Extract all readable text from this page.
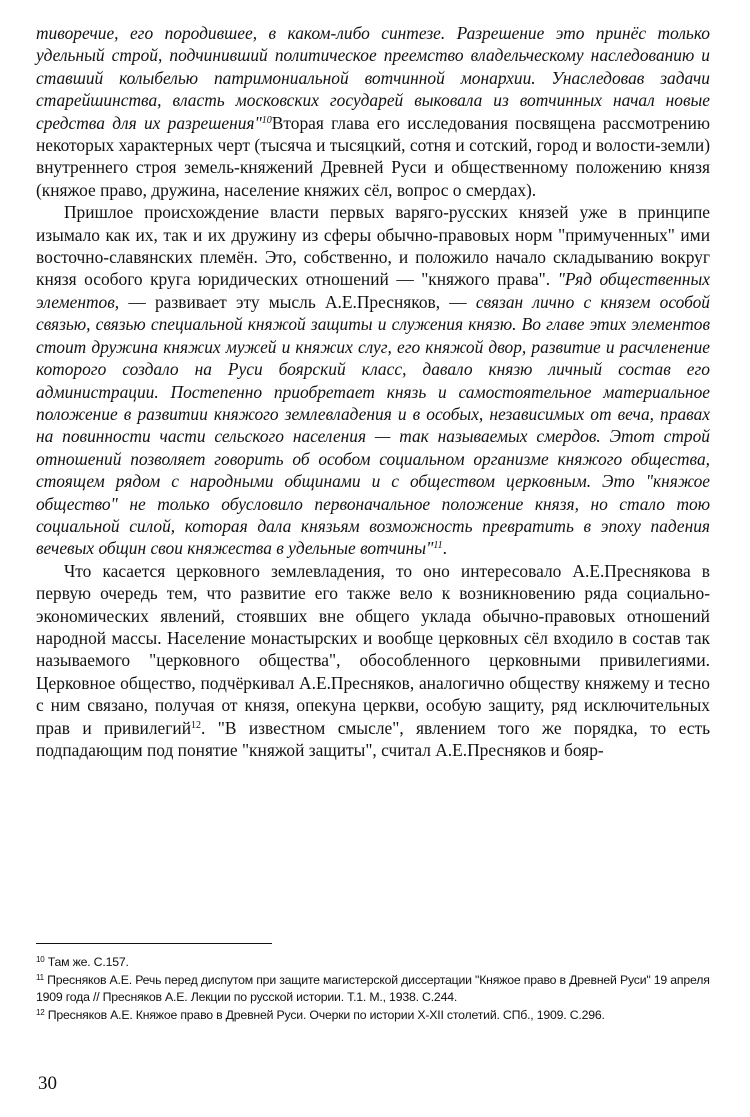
тиворечие, его породившее, в каком-либо синтезе. Разрешение это принёс только удельный строй, подчинивший политическое преемство владельческому наследованию и ставший колыбелью патримониальной вотчинной монархии. Унаследовав задачи старейшинства, власть московских государей выковала из вотчинных начал новые средства для их разрешения"$^{10}$Вторая глава его исследования посвящена рассмотрению некоторых характерных черт (тысяча и тысяцкий, сотня и сотский, город и волости-земли) внутреннего строя земель-княжений Древней Руси и общественному положению князя (княжое право, дружина, население княжих сёл, вопрос о смердах).

Пришлое происхождение власти первых варяго-русских князей уже в принципе изымало как их, так и их дружину из сферы обычно-правовых норм "примученных" ими восточно-славянских племён. Это, собственно, и положило начало складыванию вокруг князя особого круга юридических отношений — "княжого права". "Ряд общественных элементов, — развивает эту мысль А.Е.Пресняков, — связан лично с князем особой связью, связью специальной княжой защиты и служения князю. Во главе этих элементов стоит дружина княжих мужей и княжих слуг, его княжой двор, развитие и расчленение которого создало на Руси боярский класс, давало князю личный состав его администрации. Постепенно приобретает князь и самостоятельное материальное положение в развитии княжого землевладения и в особых, независимых от веча, правах на повинности части сельского населения — так называемых смердов. Этот строй отношений позволяет говорить об особом социальном организме княжого общества, стоящем рядом с народными общинами и с обществом церковным. Это "княжое общество" не только обусловило первоначальное положение князя, но стало тою социальной силой, которая дала князьям возможность превратить в эпоху падения вечевых общин свои княжества в удельные вотчины"$^{11}$.

Что касается церковного землевладения, то оно интересовало А.Е.Преснякова в первую очередь тем, что развитие его также вело к возникновению ряда социально-экономических явлений, стоявших вне общего уклада обычно-правовых отношений народной массы. Население монастырских и вообще церковных сёл входило в состав так называемого "церковного общества", обособленного церковными привилегиями. Церковное общество, подчёркивал А.Е.Пресняков, аналогично обществу княжему и тесно с ним связано, получая от князя, опекуна церкви, особую защиту, ряд исключительных прав и привилегий$^{12}$. "В известном смысле", явлением того же порядка, то есть подпадающим под понятие "княжой защиты", считал А.Е.Пресняков и бояр-

$^{10}$ Там же. С.157.
$^{11}$ Пресняков А.Е. Речь перед диспутом при защите магистерской диссертации "Княжое право в Древней Руси" 19 апреля 1909 года // Пресняков А.Е. Лекции по русской истории. Т.1. М., 1938. С.244.
$^{12}$ Пресняков А.Е. Княжое право в Древней Руси. Очерки по истории X-XII столетий. СПб., 1909. С.296.
30
